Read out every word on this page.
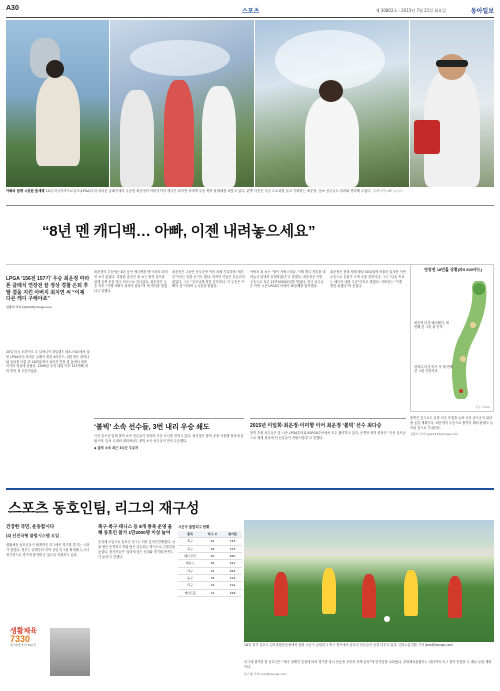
A30	스포츠	제 30802호 · 2015년 7월 21일 화요일	동아일보
아빠와 함께 시원한 물세례 20일 미국여자프로골프(LPGA)투어 마라톤 클래식에서 우승한 최운정이 아버지이자 캐디인 최지연 씨에게 우승 축하 물세례를 퍼붓고 있다. 왼쪽 사진은 우승 트로피를 들고 기뻐하는 최운정. 동료 선수들도 달려와 축하해 주었다. 실바니아=AP 뉴시스
“8년 멘 캐디백… 아빠, 이젠 내려놓으세요”
LPGA ‘156전 157기’ 우승 최운정 마라톤 클래식 연장전 끝 정상 경찰 은퇴 후 딸 곁을 지킨 아버지 최지연 씨 “이제 다른 캐디 구해야죠”
김종석 기자 kjs0123@donga.com

20일 미국 오하이오 주 실바니아 하일랜드 메도스GC에서 열린 LPGA투어 마라톤 클래식 최종 4라운드. 최운정은 장하나와 동타를 이룬 뒤 18번홀에서 치러진 연장 첫 홀에서 파를 지키며 정상에 올랐다. 2009년 투어 데뷔 이후 157번째 대회 만의 첫 우승이었다.

최운정의 우승에는 8년 동안 캐디백을 멘 아버지 최지연 씨가 있었다. 경찰관 출신인 최 씨는 딸의 골프를 위해 일찍 옷을 벗고 미국으로 건너갔다. 최운정은 우승 직후 “이제 아빠가 쉬셔야 한다”며 새 캐디를 찾겠다고 말했다.

최운정은 그동안 준우승만 여러 차례 기록하며 ‘새가슴’이라는 말을 듣기도 했다. 하지만 이날은 흔들리지 않았다. 그는 “부모님께 정말 감사하다. 이 우승은 아빠의 것”이라며 눈시울을 붉혔다.

아버지 최 씨는 “딸이 자랑스럽다. 이제 캐디 자리를 내려놓고 뒤에서 응원하겠다”고 말했다. 최운정은 이번 우승으로 상금 22만5000달러를 받았다. 한국 선수들은 이번 시즌 LPGA투어에서 10승째를 합작했다.

최운정은 현재 세계 랭킹 50위권에 머물러 있지만 이번 우승으로 순위가 크게 오를 전망이다. 그는 “다음 목표는 메이저 대회 우승”이라고 밝혔다. 아버지는 “이젠 정말 쉬겠다”며 웃었다.

연장전 18번홀 상황(파5 530야드)
최운정 티샷 페어웨이, 세 번째 샷 그린 위 안착
장하나 티샷 러프 후 세 번째 샷 그린 가장자리
자료: LPGA
‘볼빅’ 소속 선수들, 3번 내리 우승 쇄도

국산 골프공 업체 볼빅 소속 선수들이 잇따라 우승 소식을 전하고 있다. 최운정은 볼빅 공을 사용해 정상에 올랐으며, 앞서 국내외 대회에서도 볼빅 소속 선수들이 연속 우승했다.

◆ 볼빅 소속 최근 3주간 우승자

2015년 이일희·최운정·이미향 이어 최운정 ‘볼빅’ 선수 최다승

볼빅 후원 선수들은 올 시즌 LPGA투어와 KLPGA투어에서 모두 활약하고 있다. 문경안 볼빅 회장은 “국산 골프공으로 세계 정상에 선 선수들이 자랑스럽다”고 말했다.

볼빅은 앞으로도 유망 선수 후원을 늘려 국산 골프공의 위상을 높일 계획이다. 최운정의 우승으로 볼빅의 해외 판매도 늘어날 것으로 기대된다.

김종석 기자 kjs0123@donga.com

스포츠 동호인팀, 리그의 재구성
건강한 국민, 운동합시다
(4) 선진국형 클럽시스템 도입

생활체육 동호인들이 체계적인 리그에서 경기를 즐기는 시대가 열렸다. 정부는 올해부터 지역 클럽 리그를 확대해 누구나 정기적으로 경기에 참여할 수 있도록 지원하고 있다.

생활체육
7330
일주일에 세 번 30분씩
축구·족구·테니스 등 8개 종목 운영 올해 동호인 참가 1만2000명 이상 늘어

승강제 도입으로 동호인 리그는 더욱 흥미진진해졌다. 상위 팀은 승격하고 하위 팀은 강등되는 방식으로 긴장감을 높였다. 참가자들은 “실력에 맞는 상대와 경기해 만족도가 높다”고 말했다.

시군구 클럽리그 현황
종목	리그 수	참가팀
축구	62	744
족구	48	576
배드민턴	40	480
테니스	36	432
야구	22	264
농구	18	216
탁구	16	192
게이트볼	14	168
18일 경기 김포시 김포종합운동장에서 열린 시군구 클럽리그 축구 경기에서 동호인 선수들이 공을 다투고 있다. 김포=홍진환 기자 jean@donga.com

리그에 참가한 한 동호인은 “매주 정해진 일정에 따라 경기를 하니 운동을 꾸준히 하게 된다”며 만족감을 나타냈다. 문화체육관광부는 내년까지 리그 참가 인원을 두 배로 늘릴 계획이다.

유근형 기자 noel@donga.com
